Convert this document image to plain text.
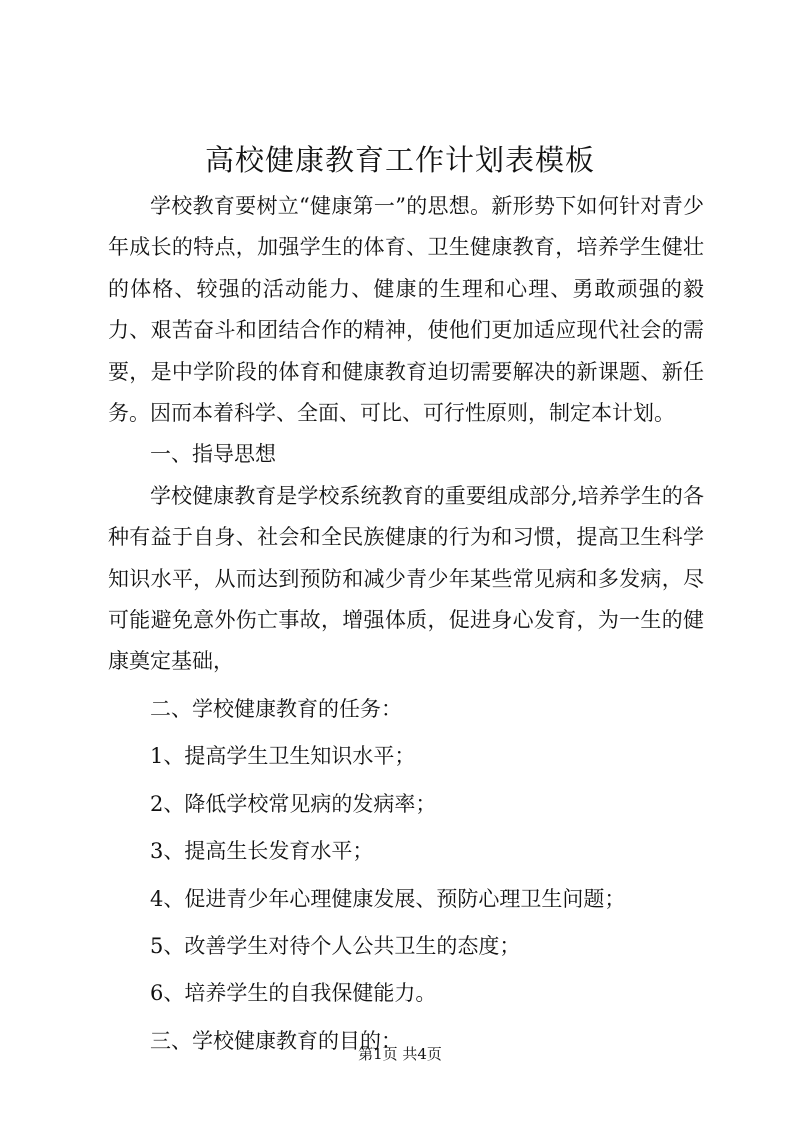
高校健康教育工作计划表模板

学校教育要树立“健康第一”的思想。新形势下如何针对青少年成长的特点，加强学生的体育、卫生健康教育，培养学生健壮的体格、较强的活动能力、健康的生理和心理、勇敢顽强的毅力、艰苦奋斗和团结合作的精神，使他们更加适应现代社会的需要，是中学阶段的体育和健康教育迫切需要解决的新课题、新任务。因而本着科学、全面、可比、可行性原则，制定本计划。

一、指导思想

学校健康教育是学校系统教育的重要组成部分,培养学生的各种有益于自身、社会和全民族健康的行为和习惯，提高卫生科学知识水平，从而达到预防和减少青少年某些常见病和多发病，尽可能避免意外伤亡事故，增强体质，促进身心发育，为一生的健康奠定基础，

二、学校健康教育的任务：

1、提高学生卫生知识水平；

2、降低学校常见病的发病率；

3、提高生长发育水平；

4、促进青少年心理健康发展、预防心理卫生问题；

5、改善学生对待个人公共卫生的态度；

6、培养学生的自我保健能力。

三、学校健康教育的目的：

第1页 共4页
